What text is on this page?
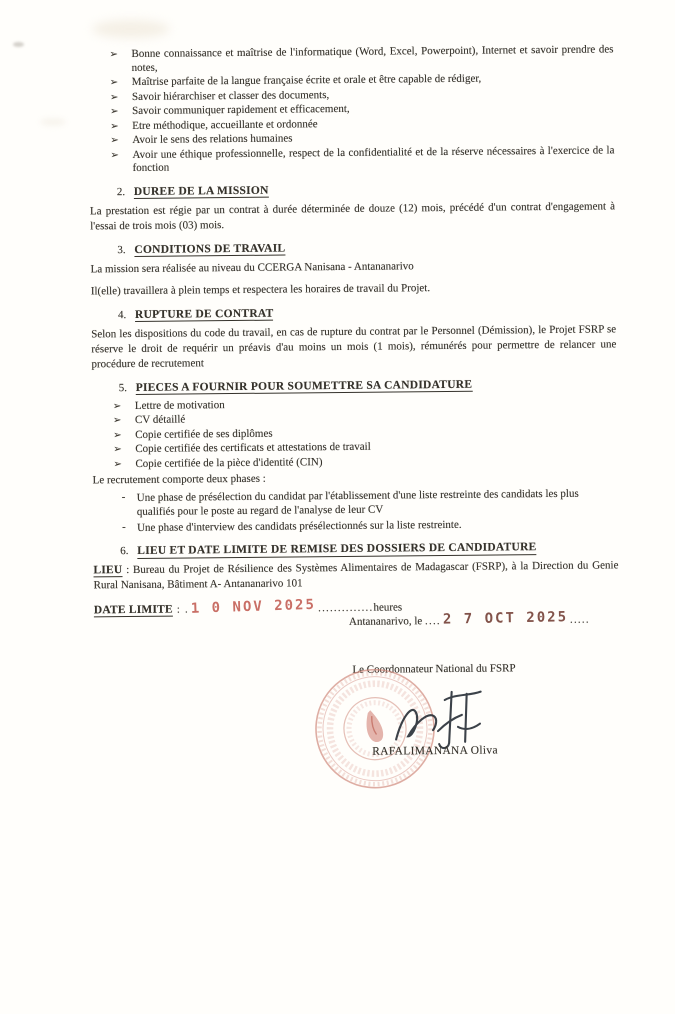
➢ Bonne connaissance et maîtrise de l'informatique (Word, Excel, Powerpoint), Internet et savoir prendre des notes,
➢ Maîtrise parfaite de la langue française écrite et orale et être capable de rédiger,
➢ Savoir hiérarchiser et classer des documents,
➢ Savoir communiquer rapidement et efficacement,
➢ Etre méthodique, accueillante et ordonnée
➢ Avoir le sens des relations humaines
➢ Avoir une éthique professionnelle, respect de la confidentialité et de la réserve nécessaires à l'exercice de la fonction
2. DUREE DE LA MISSION

La prestation est régie par un contrat à durée déterminée de douze (12) mois, précédé d'un contrat d'engagement à l'essai de trois mois (03) mois.

3. CONDITIONS DE TRAVAIL

La mission sera réalisée au niveau du CCERGA Nanisana - Antananarivo

Il(elle) travaillera à plein temps et respectera les horaires de travail du Projet.

4. RUPTURE DE CONTRAT

Selon les dispositions du code du travail, en cas de rupture du contrat par le Personnel (Démission), le Projet FSRP se réserve le droit de requérir un préavis d'au moins un mois (1 mois), rémunérés pour permettre de relancer une procédure de recrutement

5. PIECES A FOURNIR POUR SOUMETTRE SA CANDIDATURE
➢ Lettre de motivation
➢ CV détaillé
➢ Copie certifiée de ses diplômes
➢ Copie certifiée des certificats et attestations de travail
➢ Copie certifiée de la pièce d'identité (CIN)

Le recrutement comporte deux phases :

- Une phase de présélection du candidat par l'établissement d'une liste restreinte des candidats les plus qualifiés pour le poste au regard de l'analyse de leur CV
- Une phase d'interview des candidats présélectionnés sur la liste restreinte.
6. LIEU ET DATE LIMITE DE REMISE DES DOSSIERS DE CANDIDATURE

LIEU : Bureau du Projet de Résilience des Systèmes Alimentaires de Madagascar (FSRP), à la Direction du Genie Rural Nanisana, Bâtiment A- Antananarivo 101

DATE LIMITE : . 1 0 NOV 2025 ..............heures

Antananarivo, le .... 2 7 OCT 2025 .....
Le Coordonnateur National du FSRP
RAFALIMANANA Oliva
